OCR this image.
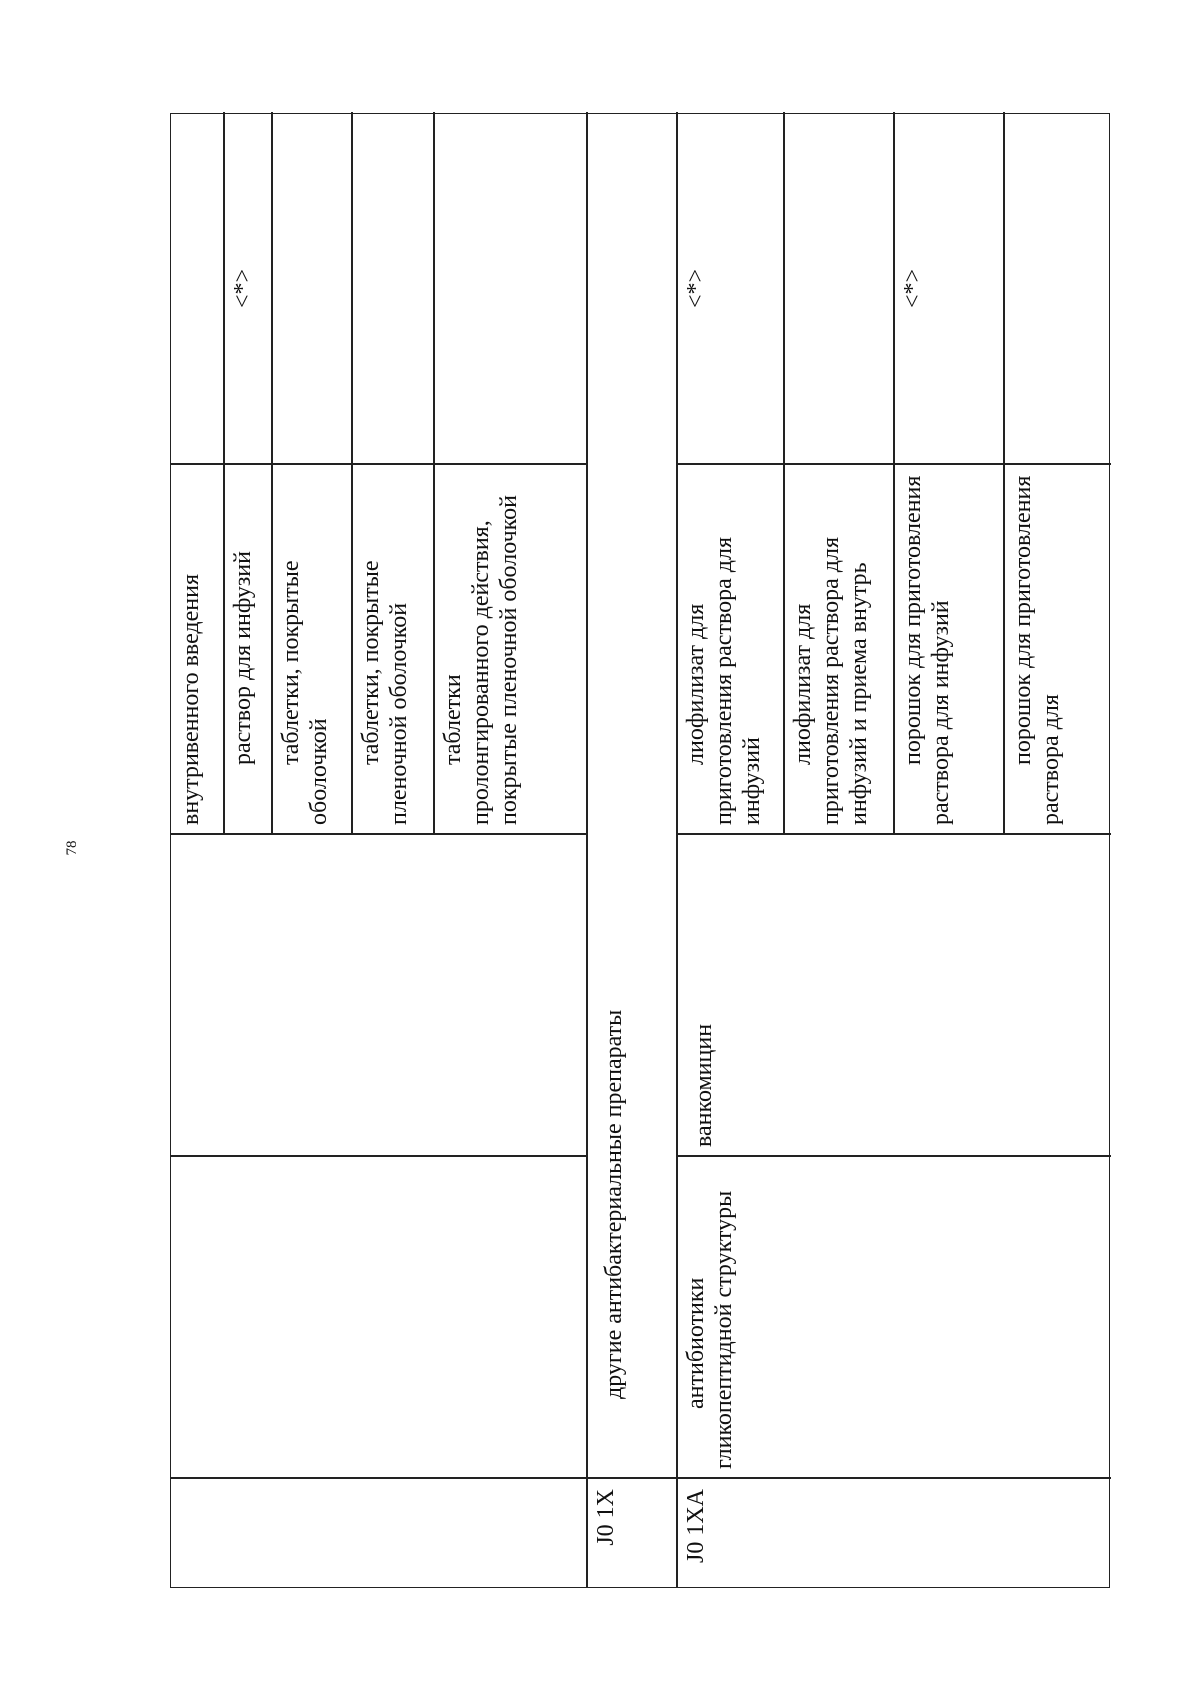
78
внутривенного введения	раствор для инфузий
<*>
таблетки, покрытые оболочкой
таблетки, покрытые пленочной оболочкой таблетки пролонгированного действия, покрытые пленочной оболочкой
J0 1X
другие антибактериальные препараты
J0 1XA
антибиотики гликопептидной структуры
ванкомицин
лиофилизат для приготовления раствора для инфузий
<*>
лиофилизат для приготовления раствора для инфузий и приема внутрь порошок для приготовления раствора для инфузий
<*>
порошок для приготовления раствора для
